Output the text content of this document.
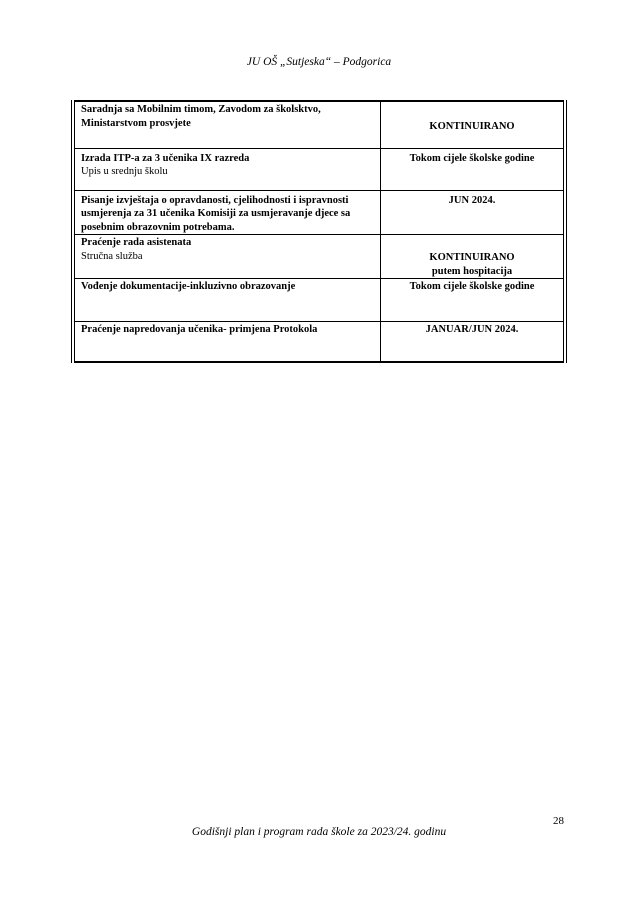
JU OŠ „Sutjeska“ – Podgorica
Saradnja sa Mobilnim timom, Zavodom za školsktvo,
Ministarstvom prosvjete	KONTINUIRANO

Izrada ITP-a za 3 učenika IX razreda
Upis u srednju školu	Tokom cijele školske godine

Pisanje izvještaja o opravdanosti, cjelihodnosti i ispravnosti
usmjerenja za 31 učenika Komisiji za usmjeravanje djece sa
posebnim obrazovnim potrebama.	JUN 2024.

Praćenje rada asistenata
Stručna služba	KONTINUIRANO
putem hospitacija

Vođenje dokumentacije-inkluzivno obrazovanje	Tokom cijele školske godine

Praćenje napredovanja učenika- primjena Protokola	JANUAR/JUN 2024.
28
Godišnji plan i program rada škole za 2023/24. godinu
